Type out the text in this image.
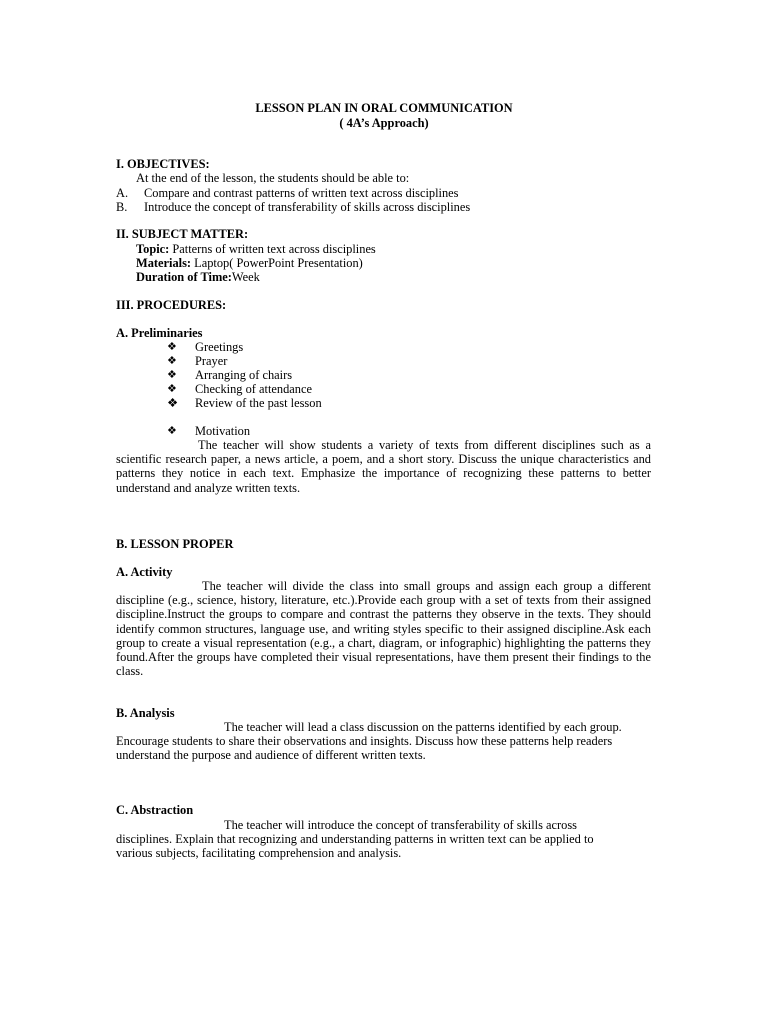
LESSON PLAN IN ORAL COMMUNICATION
( 4A’s Approach)
I. OBJECTIVES:
At the end of the lesson, the students should be able to:
A. Compare and contrast patterns of written text across disciplines
B. Introduce the concept of transferability of skills across disciplines
II. SUBJECT MATTER:
Topic: Patterns of written text across disciplines
Materials: Laptop( PowerPoint Presentation)
Duration of Time:Week
III. PROCEDURES:
A. Preliminaries
❖ Greetings
❖ Prayer
❖ Arranging of chairs
❖ Checking of attendance
❖ Review of the past lesson
❖ Motivation
The teacher will show students a variety of texts from different disciplines such as a scientific research paper, a news article, a poem, and a short story. Discuss the unique characteristics and patterns they notice in each text. Emphasize the importance of recognizing these patterns to better understand and analyze written texts.
B. LESSON PROPER
A. Activity
The teacher will divide the class into small groups and assign each group a different discipline (e.g., science, history, literature, etc.).Provide each group with a set of texts from their assigned discipline.Instruct the groups to compare and contrast the patterns they observe in the texts. They should identify common structures, language use, and writing styles specific to their assigned discipline.Ask each group to create a visual representation (e.g., a chart, diagram, or infographic) highlighting the patterns they found.After the groups have completed their visual representations, have them present their findings to the class.
B. Analysis
The teacher will lead a class discussion on the patterns identified by each group. Encourage students to share their observations and insights. Discuss how these patterns help readers understand the purpose and audience of different written texts.
C. Abstraction
The teacher will introduce the concept of transferability of skills across disciplines. Explain that recognizing and understanding patterns in written text can be applied to various subjects, facilitating comprehension and analysis.
